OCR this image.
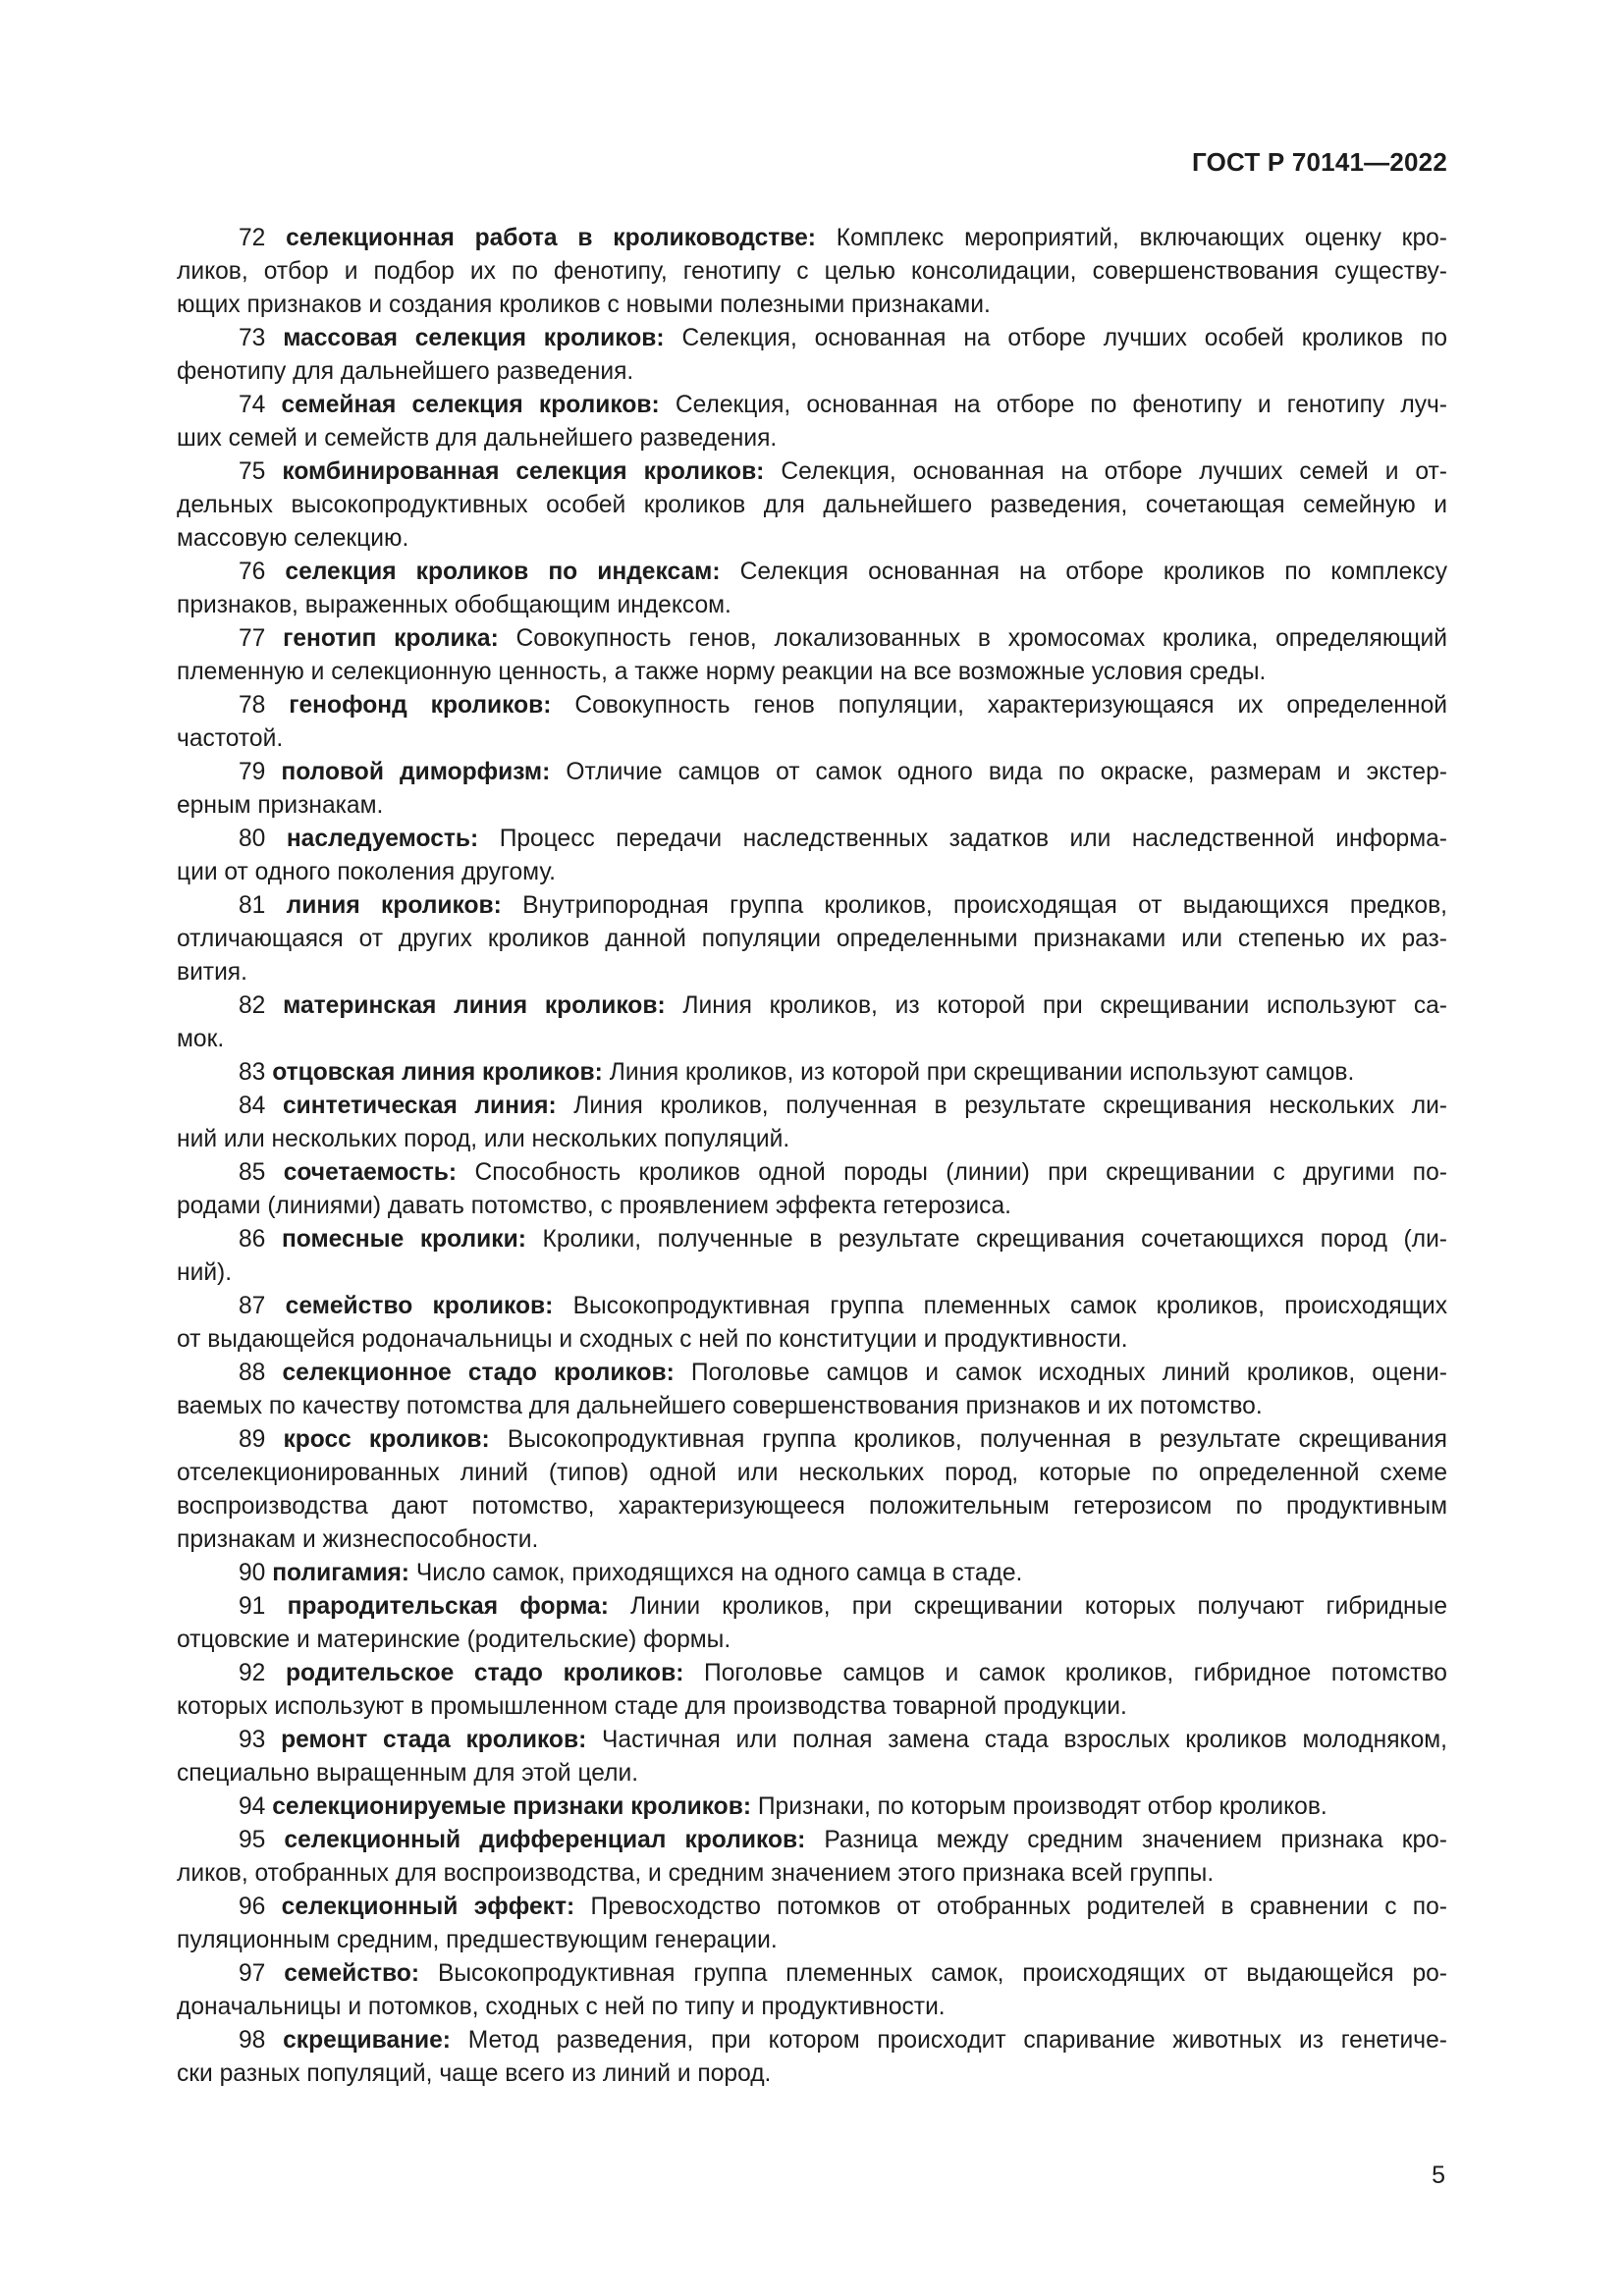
ГОСТ Р 70141—2022
72 селекционная работа в кролиководстве: Комплекс мероприятий, включающих оценку кро-
ликов, отбор и подбор их по фенотипу, генотипу с целью консолидации, совершенствования существу-
ющих признаков и создания кроликов с новыми полезными признаками.
73 массовая селекция кроликов: Селекция, основанная на отборе лучших особей кроликов по
фенотипу для дальнейшего разведения.
74 семейная селекция кроликов: Селекция, основанная на отборе по фенотипу и генотипу луч-
ших семей и семейств для дальнейшего разведения.
75 комбинированная селекция кроликов: Селекция, основанная на отборе лучших семей и от-
дельных высокопродуктивных особей кроликов для дальнейшего разведения, сочетающая семейную и
массовую селекцию.
76 селекция кроликов по индексам: Селекция основанная на отборе кроликов по комплексу
признаков, выраженных обобщающим индексом.
77 генотип кролика: Совокупность генов, локализованных в хромосомах кролика, определяющий
племенную и селекционную ценность, а также норму реакции на все возможные условия среды.
78 генофонд кроликов: Совокупность генов популяции, характеризующаяся их определенной
частотой.
79 половой диморфизм: Отличие самцов от самок одного вида по окраске, размерам и экстер-
ерным признакам.
80 наследуемость: Процесс передачи наследственных задатков или наследственной информа-
ции от одного поколения другому.
81 линия кроликов: Внутрипородная группа кроликов, происходящая от выдающихся предков,
отличающаяся от других кроликов данной популяции определенными признаками или степенью их раз-
вития.
82 материнская линия кроликов: Линия кроликов, из которой при скрещивании используют са-
мок.
83 отцовская линия кроликов: Линия кроликов, из которой при скрещивании используют самцов.
84 синтетическая линия: Линия кроликов, полученная в результате скрещивания нескольких ли-
ний или нескольких пород, или нескольких популяций.
85 сочетаемость: Способность кроликов одной породы (линии) при скрещивании с другими по-
родами (линиями) давать потомство, с проявлением эффекта гетерозиса.
86 помесные кролики: Кролики, полученные в результате скрещивания сочетающихся пород (ли-
ний).
87 семейство кроликов: Высокопродуктивная группа племенных самок кроликов, происходящих
от выдающейся родоначальницы и сходных с ней по конституции и продуктивности.
88 селекционное стадо кроликов: Поголовье самцов и самок исходных линий кроликов, оцени-
ваемых по качеству потомства для дальнейшего совершенствования признаков и их потомство.
89 кросс кроликов: Высокопродуктивная группа кроликов, полученная в результате скрещивания
отселекционированных линий (типов) одной или нескольких пород, которые по определенной схеме
воспроизводства дают потомство, характеризующееся положительным гетерозисом по продуктивным
признакам и жизнеспособности.
90 полигамия: Число самок, приходящихся на одного самца в стаде.
91 прародительская форма: Линии кроликов, при скрещивании которых получают гибридные
отцовские и материнские (родительские) формы.
92 родительское стадо кроликов: Поголовье самцов и самок кроликов, гибридное потомство
которых используют в промышленном стаде для производства товарной продукции.
93 ремонт стада кроликов: Частичная или полная замена стада взрослых кроликов молодняком,
специально выращенным для этой цели.
94 селекционируемые признаки кроликов: Признаки, по которым производят отбор кроликов.
95 селекционный дифференциал кроликов: Разница между средним значением признака кро-
ликов, отобранных для воспроизводства, и средним значением этого признака всей группы.
96 селекционный эффект: Превосходство потомков от отобранных родителей в сравнении с по-
пуляционным средним, предшествующим генерации.
97 семейство: Высокопродуктивная группа племенных самок, происходящих от выдающейся ро-
доначальницы и потомков, сходных с ней по типу и продуктивности.
98 скрещивание: Метод разведения, при котором происходит спаривание животных из генетиче-
ски разных популяций, чаще всего из линий и пород.
5
